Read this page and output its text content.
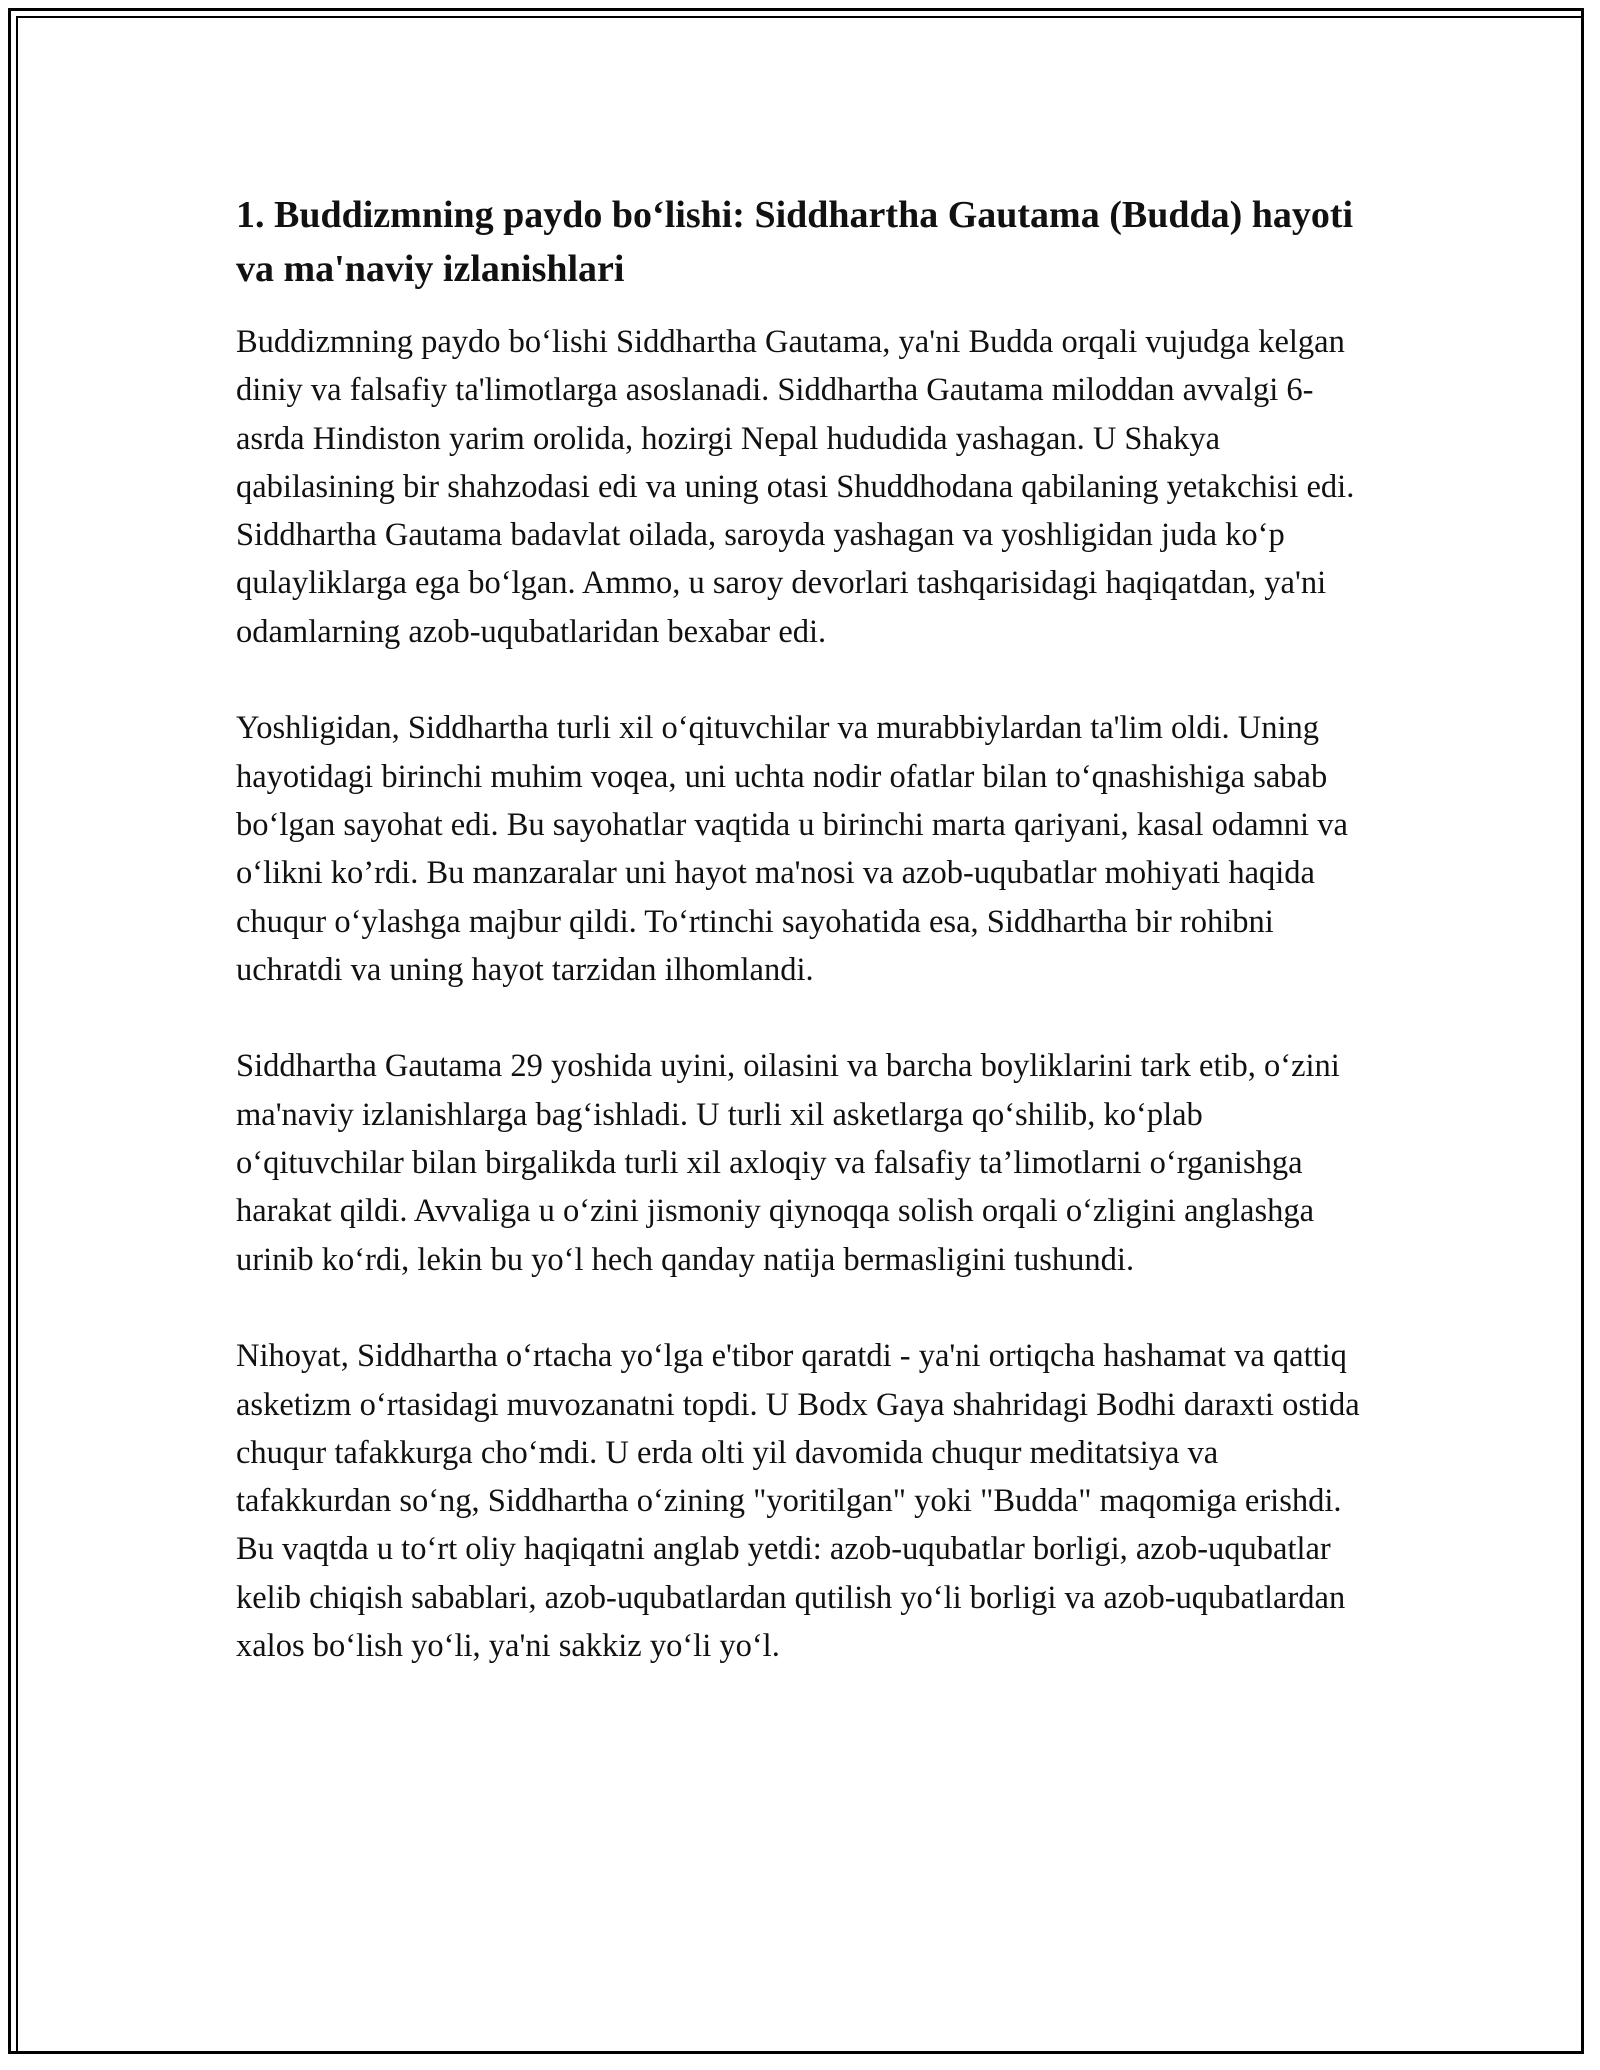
1. Buddizmning paydo bo‘lishi: Siddhartha Gautama (Budda) hayoti va ma'naviy izlanishlari

Buddizmning paydo bo‘lishi Siddhartha Gautama, ya'ni Budda orqali vujudga kelgan diniy va falsafiy ta'limotlarga asoslanadi. Siddhartha Gautama miloddan avvalgi 6-asrda Hindiston yarim orolida, hozirgi Nepal hududida yashagan. U Shakya qabilasining bir shahzodasi edi va uning otasi Shuddhodana qabilaning yetakchisi edi. Siddhartha Gautama badavlat oilada, saroyda yashagan va yoshligidan juda ko‘p qulayliklarga ega bo‘lgan. Ammo, u saroy devorlari tashqarisidagi haqiqatdan, ya'ni odamlarning azob-uqubatlaridan bexabar edi.

Yoshligidan, Siddhartha turli xil o‘qituvchilar va murabbiylardan ta'lim oldi. Uning hayotidagi birinchi muhim voqea, uni uchta nodir ofatlar bilan to‘qnashishiga sabab bo‘lgan sayohat edi. Bu sayohatlar vaqtida u birinchi marta qariyani, kasal odamni va o‘likni ko’rdi. Bu manzaralar uni hayot ma'nosi va azob-uqubatlar mohiyati haqida chuqur o‘ylashga majbur qildi. To‘rtinchi sayohatida esa, Siddhartha bir rohibni uchratdi va uning hayot tarzidan ilhomlandi.

Siddhartha Gautama 29 yoshida uyini, oilasini va barcha boyliklarini tark etib, o‘zini ma'naviy izlanishlarga bag‘ishladi. U turli xil asketlarga qo‘shilib, ko‘plab o‘qituvchilar bilan birgalikda turli xil axloqiy va falsafiy ta’limotlarni o‘rganishga harakat qildi. Avvaliga u o‘zini jismoniy qiynoqqa solish orqali o‘zligini anglashga urinib ko‘rdi, lekin bu yo‘l hech qanday natija bermasligini tushundi.

Nihoyat, Siddhartha o‘rtacha yo‘lga e'tibor qaratdi - ya'ni ortiqcha hashamat va qattiq asketizm o‘rtasidagi muvozanatni topdi. U Bodx Gaya shahridagi Bodhi daraxti ostida chuqur tafakkurga cho‘mdi. U erda olti yil davomida chuqur meditatsiya va tafakkurdan so‘ng, Siddhartha o‘zining "yoritilgan" yoki "Budda" maqomiga erishdi. Bu vaqtda u to‘rt oliy haqiqatni anglab yetdi: azob-uqubatlar borligi, azob-uqubatlar kelib chiqish sabablari, azob-uqubatlardan qutilish yo‘li borligi va azob-uqubatlardan xalos bo‘lish yo‘li, ya'ni sakkiz yo‘li yo‘l.
